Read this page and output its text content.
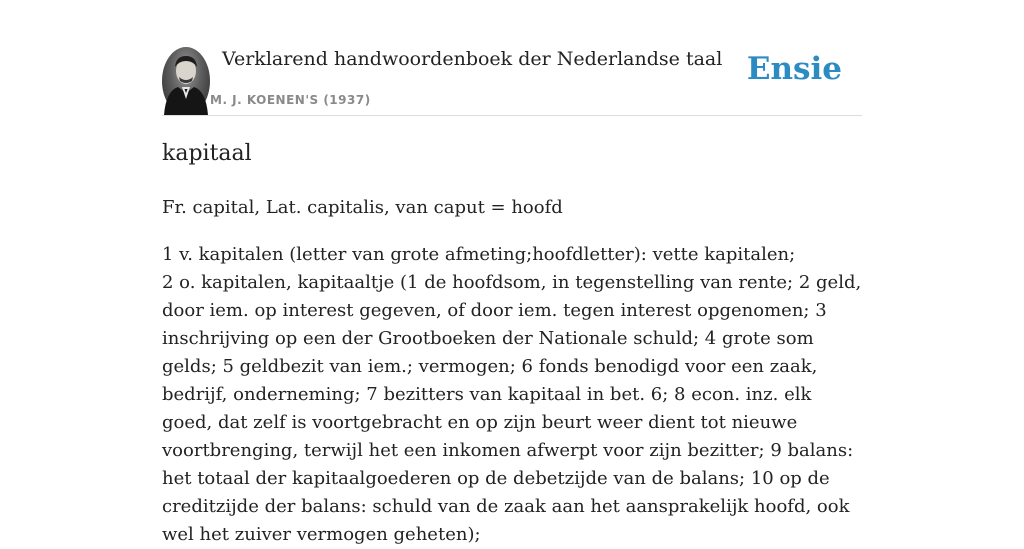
Verklarend handwoordenboek der Nederlandse taal
M. J. KOENEN'S (1937)
Ensie
kapitaal

Fr. capital, Lat. capitalis, van caput = hoofd

1 v. kapitalen (letter van grote afmeting;hoofdletter): vette kapitalen;
2 o. kapitalen, kapitaaltje (1 de hoofdsom, in tegenstelling van rente; 2 geld, door iem. op interest gegeven, of door iem. tegen interest opgenomen; 3 inschrijving op een der Grootboeken der Nationale schuld; 4 grote som gelds; 5 geldbezit van iem.; vermogen; 6 fonds benodigd voor een zaak, bedrijf, onderneming; 7 bezitters van kapitaal in bet. 6; 8 econ. inz. elk goed, dat zelf is voortgebracht en op zijn beurt weer dient tot nieuwe voortbrenging, terwijl het een inkomen afwerpt voor zijn bezitter; 9 balans: het totaal der kapitaalgoederen op de debetzijde van de balans; 10 op de creditzijde der balans: schuld van de zaak aan het aansprakelijk hoofd, ook wel het zuiver vermogen geheten);
